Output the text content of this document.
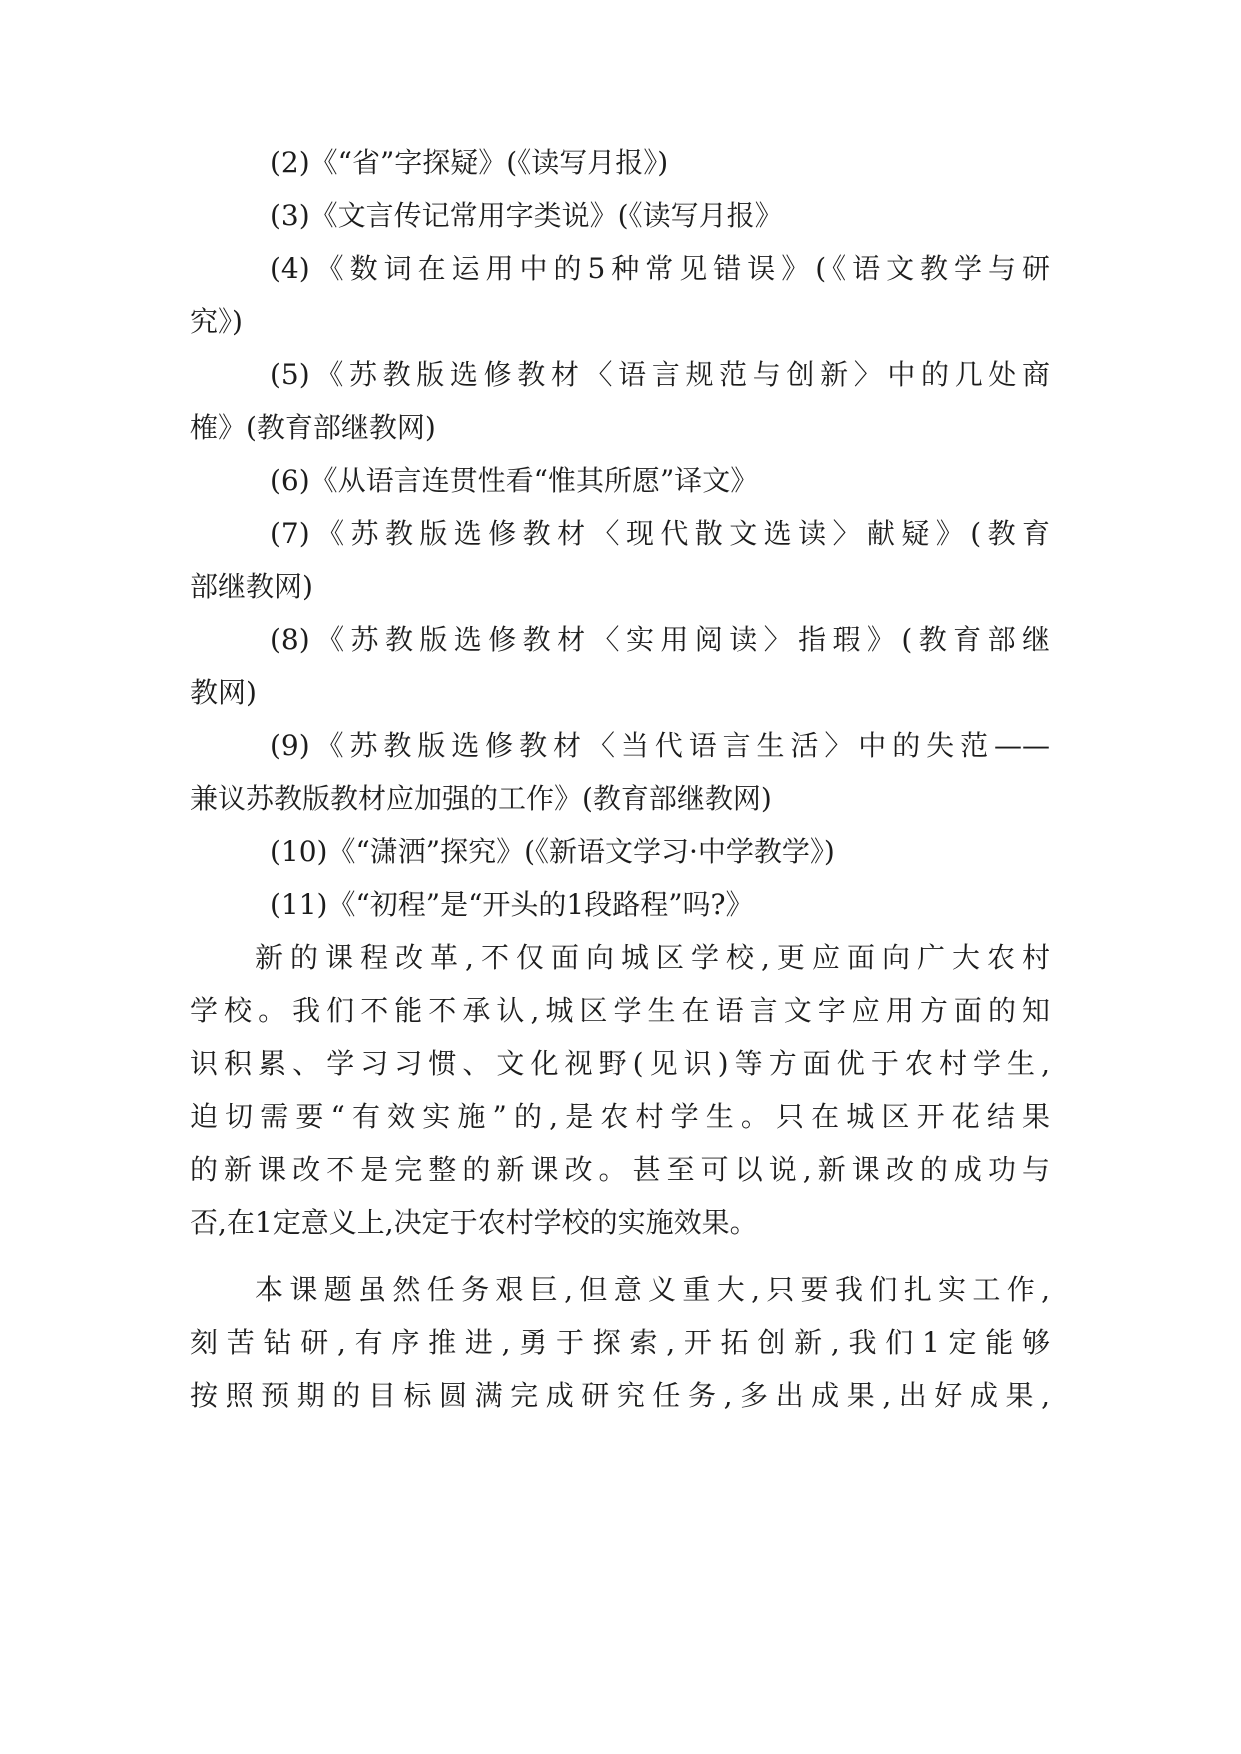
(2)《“省”字探疑》(《读写月报》)

(3)《文言传记常用字类说》(《读写月报》

(4)《数词在运用中的5种常见错误》(《语文教学与研

究》)

(5)《苏教版选修教材〈语言规范与创新〉中的几处商

榷》(教育部继教网)

(6)《从语言连贯性看“惟其所愿”译文》

(7)《苏教版选修教材〈现代散文选读〉献疑》(教育

部继教网)

(8)《苏教版选修教材〈实用阅读〉指瑕》(教育部继

教网)

(9)《苏教版选修教材〈当代语言生活〉中的失范——

兼议苏教版教材应加强的工作》(教育部继教网)

(10)《“潇洒”探究》(《新语文学习·中学教学》)

(11)《“初程”是“开头的1段路程”吗?》

新的课程改革,不仅面向城区学校,更应面向广大农村

学校。我们不能不承认,城区学生在语言文字应用方面的知

识积累、学习习惯、文化视野(见识)等方面优于农村学生,

迫切需要“有效实施”的,是农村学生。只在城区开花结果

的新课改不是完整的新课改。甚至可以说,新课改的成功与

否,在1定意义上,决定于农村学校的实施效果。

本课题虽然任务艰巨,但意义重大,只要我们扎实工作,

刻苦钻研,有序推进,勇于探索,开拓创新,我们1定能够

按照预期的目标圆满完成研究任务,多出成果,出好成果,
